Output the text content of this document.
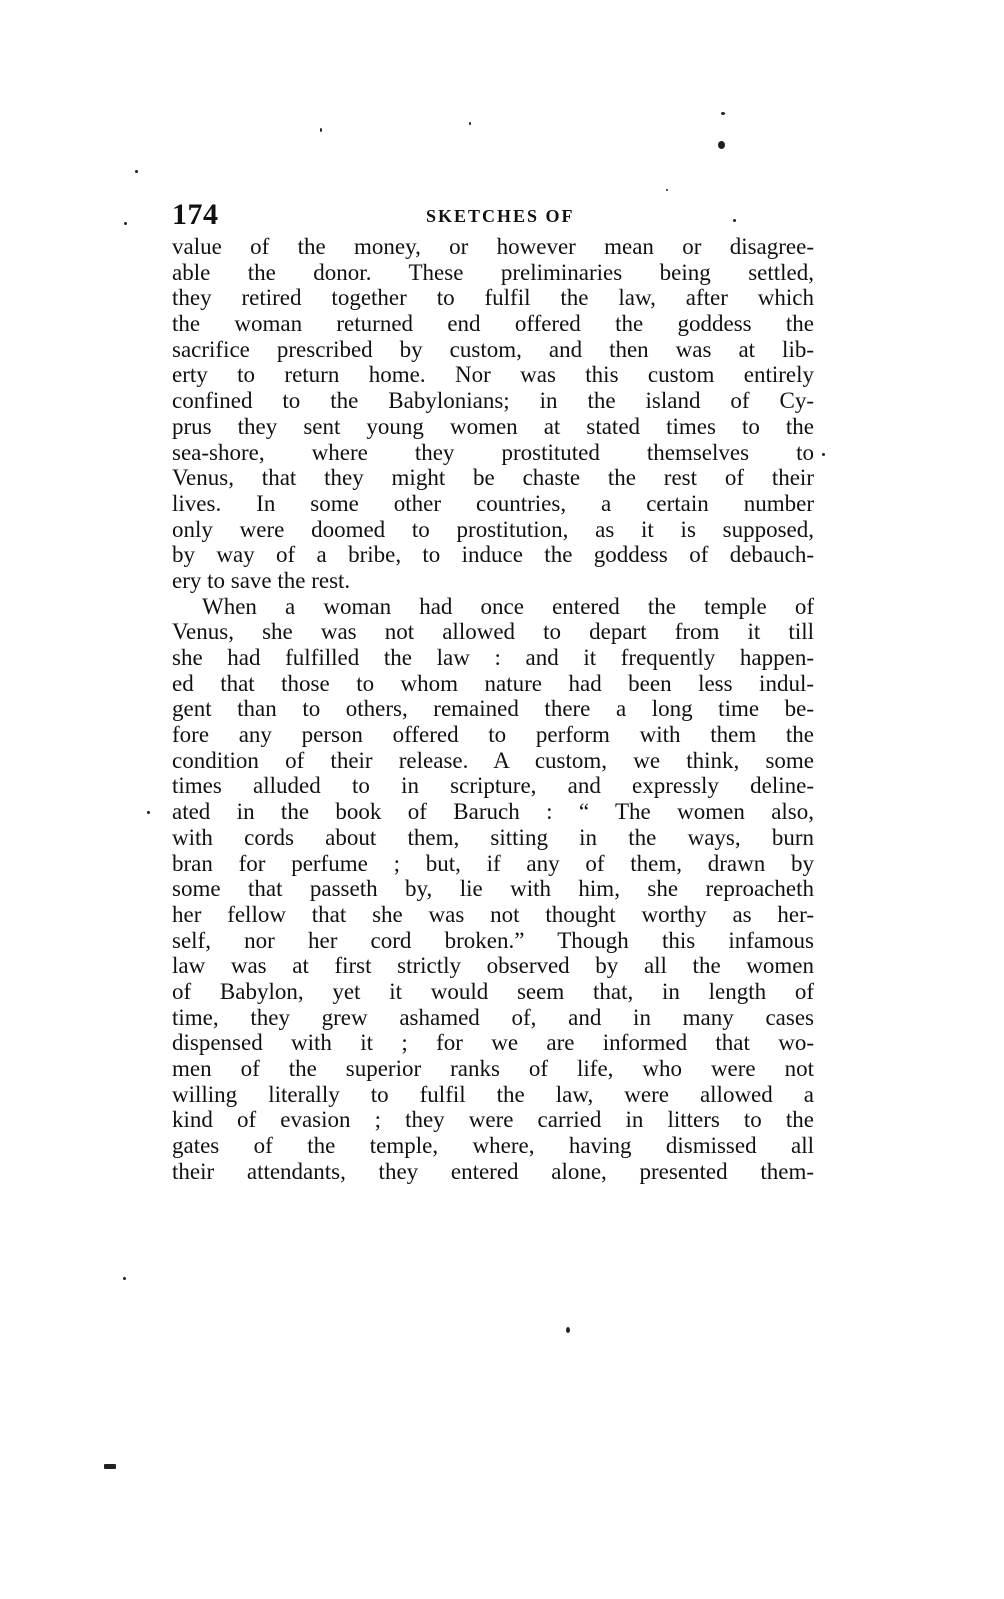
174	SKETCHES OF
value of the money, or however mean or disagree-
able the donor. These preliminaries being settled,
they retired together to fulfil the law, after which
the woman returned end offered the goddess the
sacrifice prescribed by custom, and then was at lib-
erty to return home. Nor was this custom entirely
confined to the Babylonians; in the island of Cy-
prus they sent young women at stated times to the
sea-shore, where they prostituted themselves to
Venus, that they might be chaste the rest of their
lives. In some other countries, a certain number
only were doomed to prostitution, as it is supposed,
by way of a bribe, to induce the goddess of debauch-
ery to save the rest.
When a woman had once entered the temple of
Venus, she was not allowed to depart from it till
she had fulfilled the law : and it frequently happen-
ed that those to whom nature had been less indul-
gent than to others, remained there a long time be-
fore any person offered to perform with them the
condition of their release. A custom, we think, some
times alluded to in scripture, and expressly deline-
ated in the book of Baruch : “ The women also,
with cords about them, sitting in the ways, burn
bran for perfume ; but, if any of them, drawn by
some that passeth by, lie with him, she reproacheth
her fellow that she was not thought worthy as her-
self, nor her cord broken.” Though this infamous
law was at first strictly observed by all the women
of Babylon, yet it would seem that, in length of
time, they grew ashamed of, and in many cases
dispensed with it ; for we are informed that wo-
men of the superior ranks of life, who were not
willing literally to fulfil the law, were allowed a
kind of evasion ; they were carried in litters to the
gates of the temple, where, having dismissed all
their attendants, they entered alone, presented them-
